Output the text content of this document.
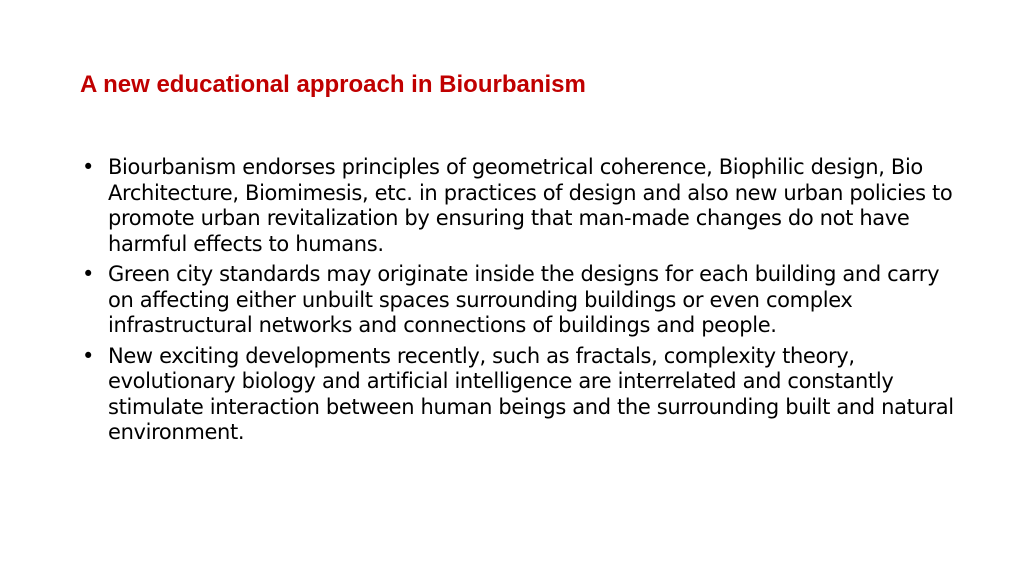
A new educational approach in Biourbanism
• Biourbanism endorses principles of geometrical coherence, Biophilic design, Bio Architecture, Biomimesis, etc. in practices of design and also new urban policies to promote urban revitalization by ensuring that man-made changes do not have harmful effects to humans.
• Green city standards may originate inside the designs for each building and carry on affecting either unbuilt spaces surrounding buildings or even complex infrastructural networks and connections of buildings and people.
• New exciting developments recently, such as fractals, complexity theory, evolutionary biology and artificial intelligence are interrelated and constantly stimulate interaction between human beings and the surrounding built and natural environment.
